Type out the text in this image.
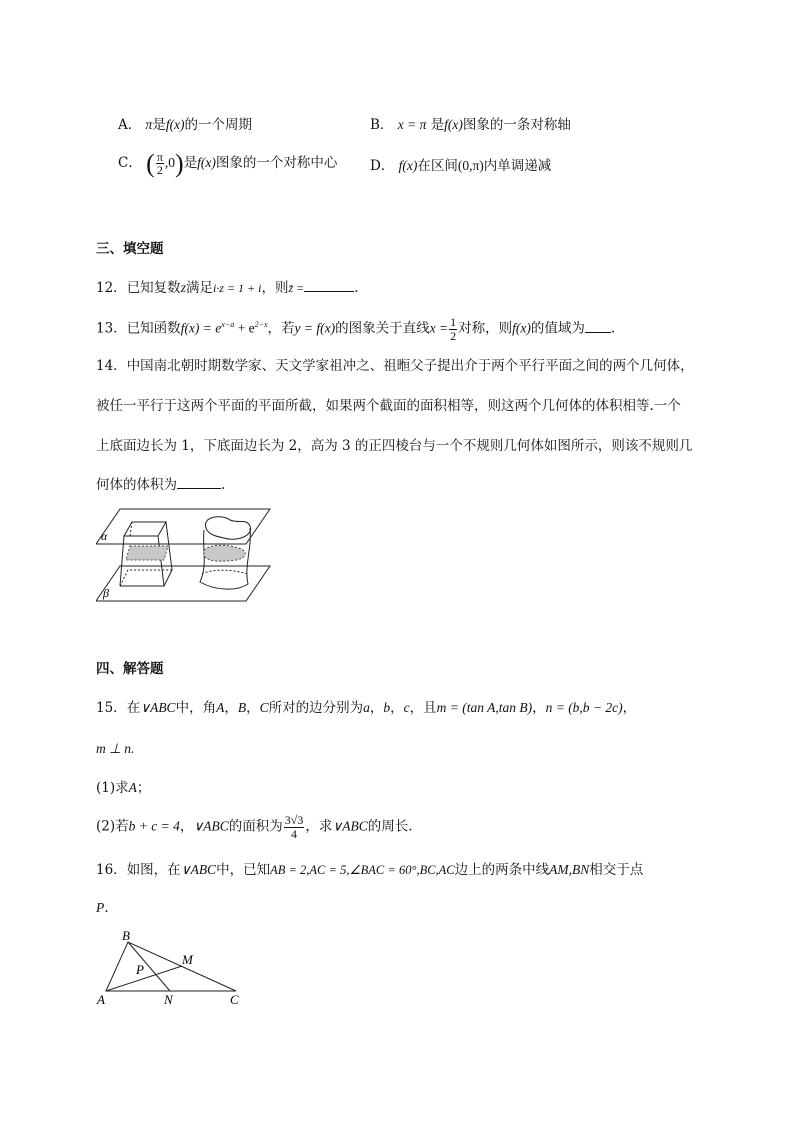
A． π是f(x)的一个周期	B． x = π 是f(x)图象的一条对称轴
C． ( $\frac{\pi}{2} ,0$)是f(x)图象的一个对称中心 D． f(x)在区间(0,π)内单调递减
三、填空题
12．已知复数z满足i·z = 1 + i，则z̄ =	.
13．已知函数$f(x) = e^{x-a} + e^{2-x}$，若y = f(x)的图象关于直线$x = \frac{1}{2}$ 对称，则f(x)的值域为 .
14．中国南北朝时期数学家、天文学家祖冲之、祖暅父子提出介于两个平行平面之间的两个几何体，
被任一平行于这两个平面的平面所截，如果两个截面的面积相等，则这两个几何体的体积相等.一个
上底面边长为 1，下底面边长为 2，高为 3 的正四棱台与一个不规则几何体如图所示，则该不规则几
何体的体积为	.
α
β
四、解答题
15．在∨ABC中，角A，B，C所对的边分别为a，b，c，且m = (tan A,tan B)，n = (b,b − 2c)，
m ⊥ n.
(1)求A；
(2)若b + c = 4，∨ABC的面积为 $\frac{3√3}{4}$ ，求∨ABC的周长.
16．如图，在∨ABC中，已知AB = 2,AC = 5,∠BAC = 60°,BC,AC边上的两条中线AM,BN相交于点
P.
B
M
P
A	N	C
